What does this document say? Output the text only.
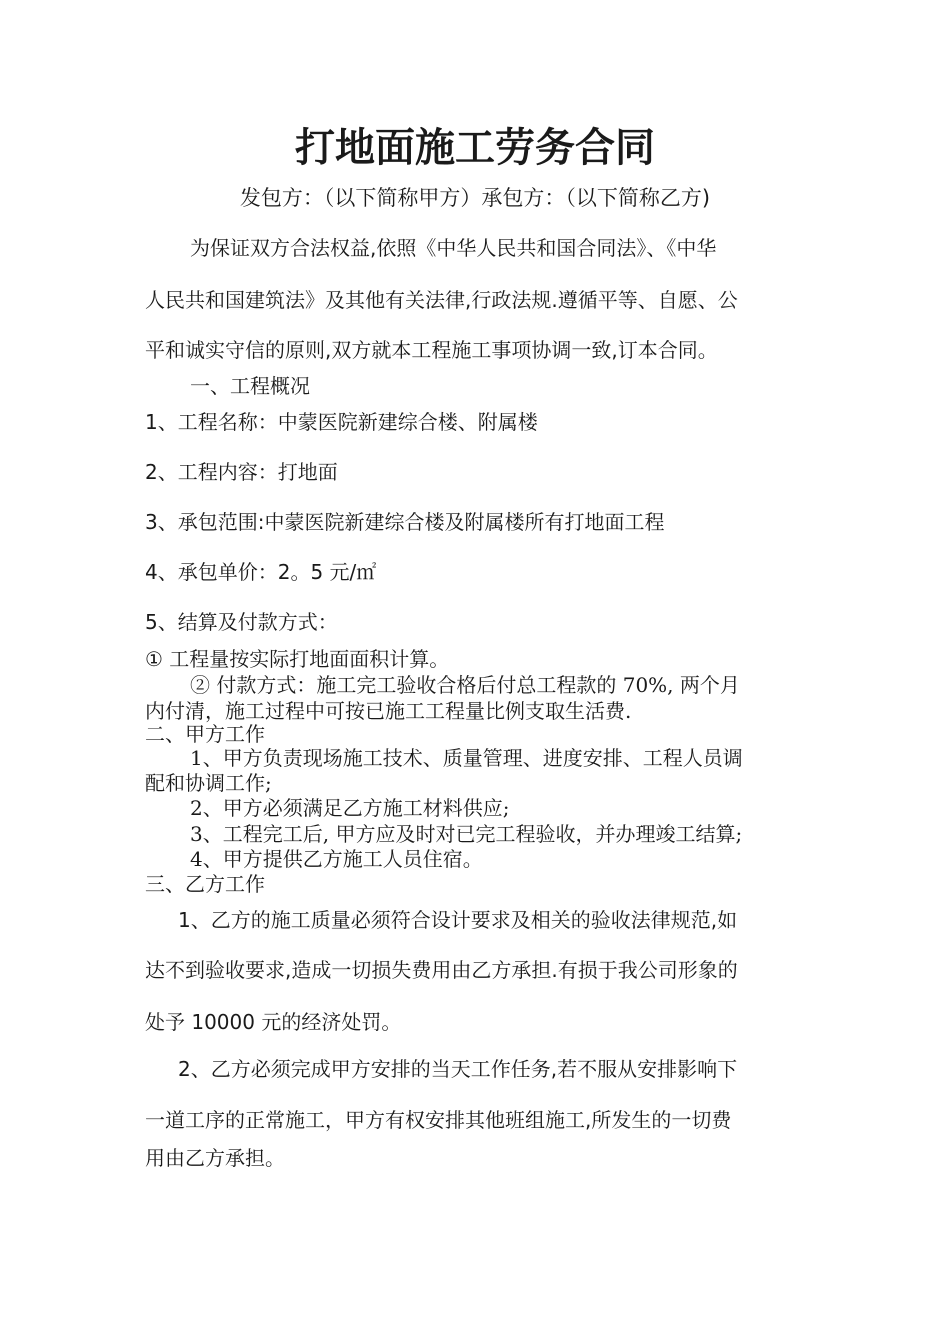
打地面施工劳务合同
发包方：（以下简称甲方）承包方：（以下简称乙方)
为保证双方合法权益,依照《中华人民共和国合同法》、《中华
人民共和国建筑法》及其他有关法律,行政法规.遵循平等、自愿、公
平和诚实守信的原则,双方就本工程施工事项协调一致,订本合同。
一、工程概况
1、工程名称：中蒙医院新建综合楼、附属楼
2、工程内容：打地面
3、承包范围:中蒙医院新建综合楼及附属楼所有打地面工程
4、承包单价：2。5 元/㎡
5、结算及付款方式：
① 工程量按实际打地面面积计算。
② 付款方式：施工完工验收合格后付总工程款的 70%, 两个月
内付清，施工过程中可按已施工工程量比例支取生活费.
二、甲方工作
1、甲方负责现场施工技术、质量管理、进度安排、工程人员调
配和协调工作;
2、甲方必须满足乙方施工材料供应;
3、工程完工后, 甲方应及时对已完工程验收，并办理竣工结算;
4、甲方提供乙方施工人员住宿。
三、乙方工作
1、乙方的施工质量必须符合设计要求及相关的验收法律规范,如
达不到验收要求,造成一切损失费用由乙方承担.有损于我公司形象的
处予 10000 元的经济处罚。
2、乙方必须完成甲方安排的当天工作任务,若不服从安排影响下
一道工序的正常施工，甲方有权安排其他班组施工,所发生的一切费
用由乙方承担。
